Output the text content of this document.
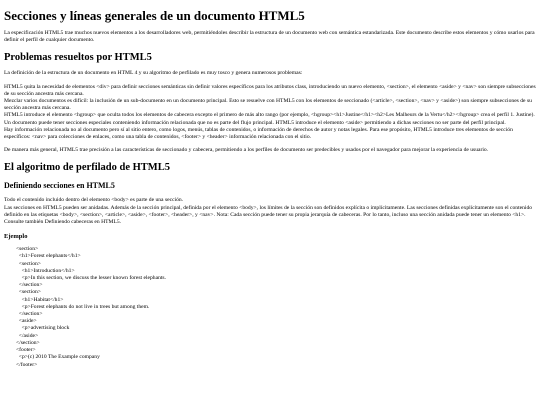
Secciones y líneas generales de un documento HTML5

La especificación HTML5 trae muchos nuevos elementos a los desarrolladores web, permitiéndoles describir la estructura de un documento web con semántica estandarizada. Este documento describe estos elementos y cómo usarlos para definir el perfil de cualquier documento.

Problemas resueltos por HTML5

La definición de la estructura de un documento en HTML 4 y su algoritmo de perfilado es muy tosco y genera numerosos problemas:

HTML5 quita la necesidad de elementos <div> para definir secciones semánticas sin definir valores específicos para los atributos class, introduciendo un nuevo elemento, <section>, el elemento <aside> y <nav> son siempre subsecciones de su sección ancestra más cercana.
Mezclar varios documentos es difícil: la inclusión de un sub-documento en un documento principal. Esto se resuelve con HTML5 con los elementos de seccionado (<article>, <section>, <nav> y <aside>) son siempre subsecciones de su sección ancestra más cercana.
HTML5 introduce el elemento <hgroup> que oculta todos los elementos de cabecera excepto el primero de más alto rango (por ejemplo, <hgroup><h1>Justine</h1><h2>Les Malheurs de la Vertu</h2></hgroup> crea el perfil 1. Justine).
Un documento puede tener secciones especiales conteniendo información relacionada que no es parte del flujo principal. HTML5 introduce el elemento <aside> permitiendo a dichas secciones no ser parte del perfil principal.
Hay información relacionada no al documento pero sí al sitio entero, como logos, menús, tablas de contenidos, o información de derechos de autor y notas legales. Para ese propósito, HTML5 introduce tres elementos de sección específicos: <nav> para colecciones de enlaces, como una tabla de contenidos, <footer> y <header> información relacionada con el sitio.

De manera más general, HTML5 trae precisión a las características de seccionado y cabecera, permitiendo a los perfiles de documento ser predecibles y usados por el navegador para mejorar la experiencia de usuario.

El algoritmo de perfilado de HTML5
Definiendo secciones en HTML5

Todo el contenido incluido dentro del elemento <body> es parte de una sección.
Las secciones en HTML5 pueden ser anidadas. Además de la sección principal, definida por el elemento <body>, los límites de la sección son definidos explícita o implícitamente. Las secciones definidas explícitamente son el contenido definido en las etiquetas <body>, <section>, <article>, <aside>, <footer>, <header>, y <nav>. Nota: Cada sección puede tener su propia jerarquía de cabeceras. Por lo tanto, incluso una sección anidada puede tener un elemento <h1>. Consulte también Definiendo cabeceras en HTML5.

Ejemplo
<section>
<h1>Forest elephants</h1>
<section>
<h1>Introduction</h1>
<p>In this section, we discuss the lesser known forest elephants.
</section>
<section>
<h1>Habitat</h1>
<p>Forest elephants do not live in trees but among them.
</section>
<aside>
<p>advertising block
</aside>
</section>
<footer>
<p>(c) 2010 The Example company
</footer>
